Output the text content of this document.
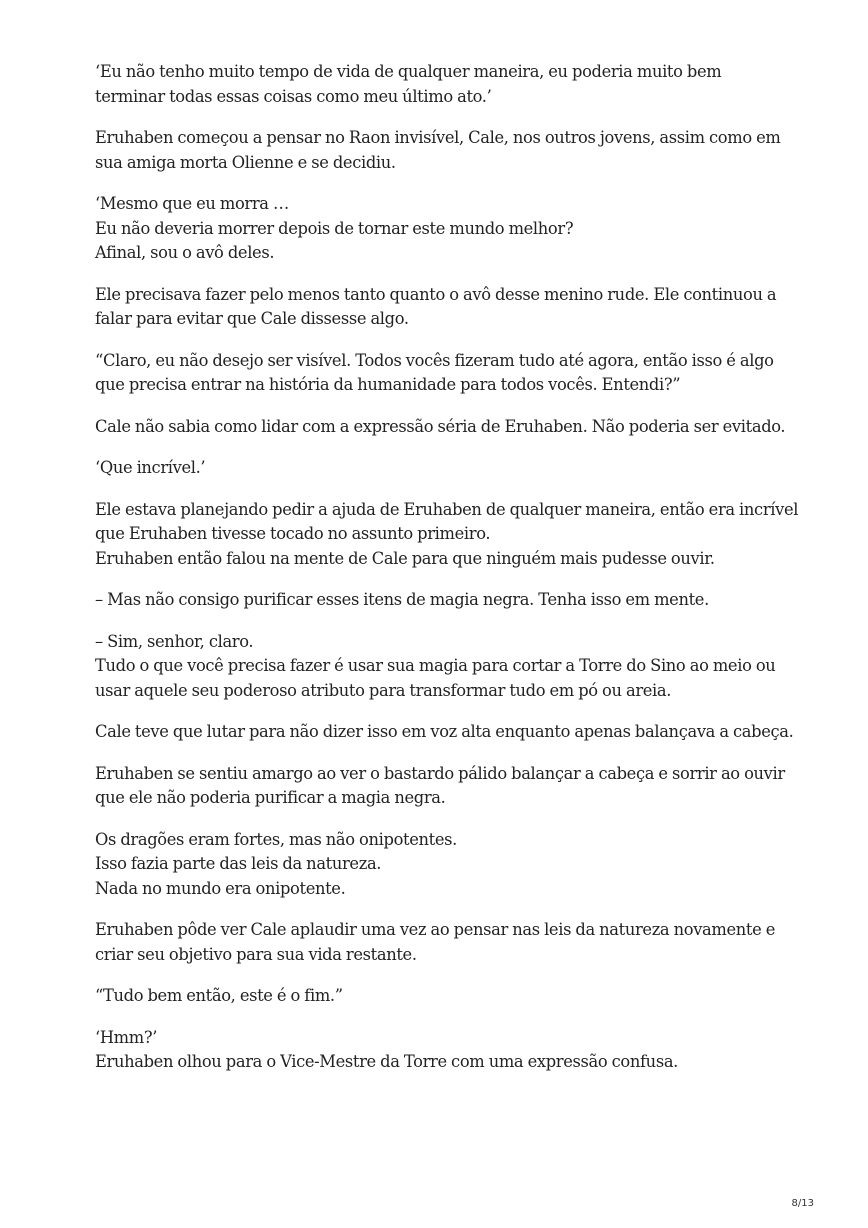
‘Eu não tenho muito tempo de vida de qualquer maneira, eu poderia muito bem
terminar todas essas coisas como meu último ato.’

Eruhaben começou a pensar no Raon invisível, Cale, nos outros jovens, assim como em
sua amiga morta Olienne e se decidiu.

‘Mesmo que eu morra …
Eu não deveria morrer depois de tornar este mundo melhor?
Afinal, sou o avô deles.

Ele precisava fazer pelo menos tanto quanto o avô desse menino rude. Ele continuou a
falar para evitar que Cale dissesse algo.

“Claro, eu não desejo ser visível. Todos vocês fizeram tudo até agora, então isso é algo
que precisa entrar na história da humanidade para todos vocês. Entendi?”

Cale não sabia como lidar com a expressão séria de Eruhaben. Não poderia ser evitado.

‘Que incrível.’

Ele estava planejando pedir a ajuda de Eruhaben de qualquer maneira, então era incrível
que Eruhaben tivesse tocado no assunto primeiro.
Eruhaben então falou na mente de Cale para que ninguém mais pudesse ouvir.

– Mas não consigo purificar esses itens de magia negra. Tenha isso em mente.

– Sim, senhor, claro.
Tudo o que você precisa fazer é usar sua magia para cortar a Torre do Sino ao meio ou
usar aquele seu poderoso atributo para transformar tudo em pó ou areia.

Cale teve que lutar para não dizer isso em voz alta enquanto apenas balançava a cabeça.

Eruhaben se sentiu amargo ao ver o bastardo pálido balançar a cabeça e sorrir ao ouvir
que ele não poderia purificar a magia negra.

Os dragões eram fortes, mas não onipotentes.
Isso fazia parte das leis da natureza.
Nada no mundo era onipotente.

Eruhaben pôde ver Cale aplaudir uma vez ao pensar nas leis da natureza novamente e
criar seu objetivo para sua vida restante.

“Tudo bem então, este é o fim.”

‘Hmm?’
Eruhaben olhou para o Vice-Mestre da Torre com uma expressão confusa.

8/13
